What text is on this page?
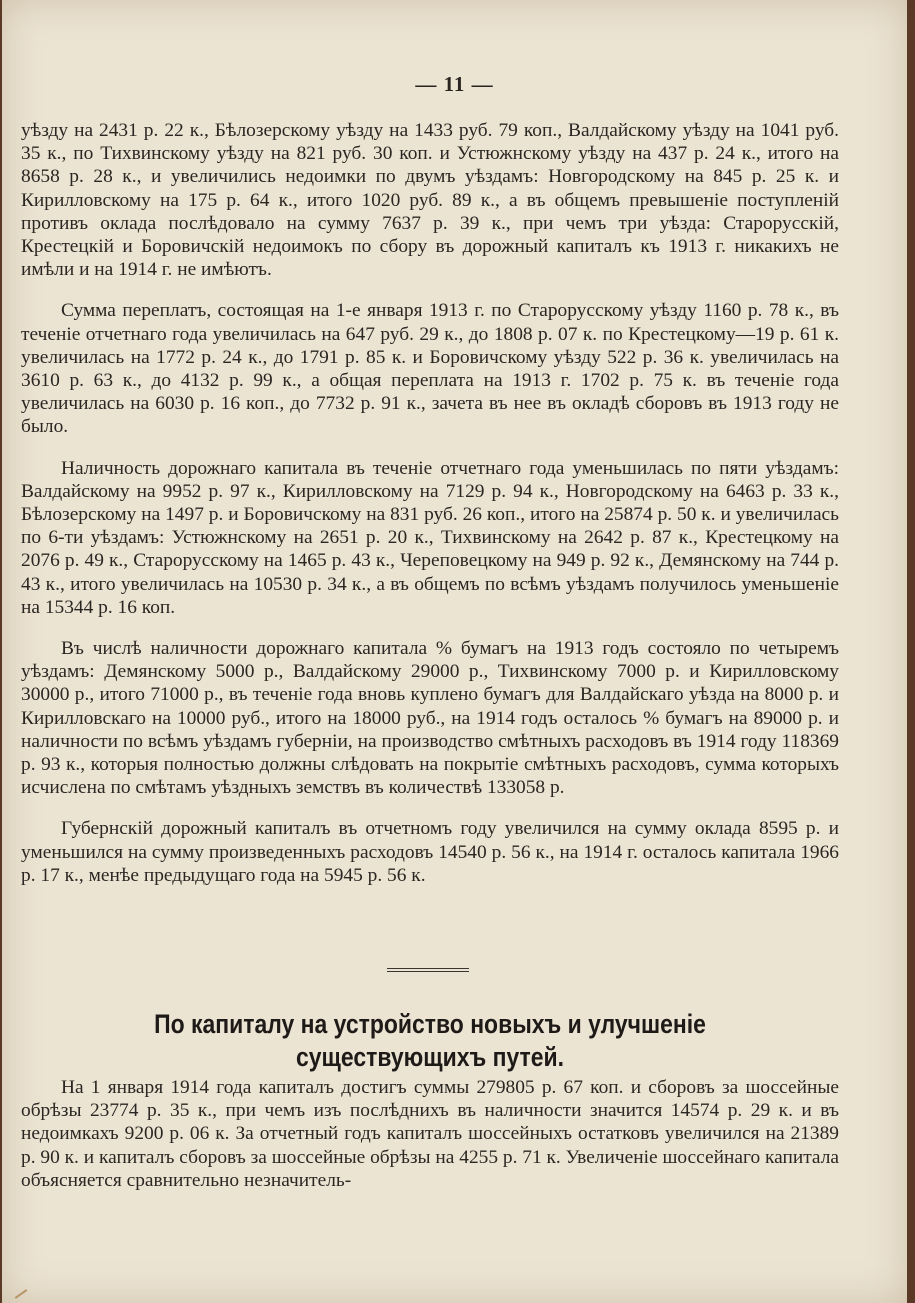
— 11 —

уѣзду на 2431 р. 22 к., Бѣлозерскому уѣзду на 1433 руб. 79 коп., Валдайскому уѣзду на 1041 руб. 35 к., по Тихвинскому уѣзду на 821 руб. 30 коп. и Устюжнскому уѣзду на 437 р. 24 к., итого на 8658 р. 28 к., и увеличились недоимки по двумъ уѣздамъ: Новгородскому на 845 р. 25 к. и Кирилловскому на 175 р. 64 к., итого 1020 руб. 89 к., а въ общемъ превышеніе поступленій противъ оклада послѣдовало на сумму 7637 р. 39 к., при чемъ три уѣзда: Старорусскій, Крестецкій и Боровичскій недоимокъ по сбору въ дорожный капиталъ къ 1913 г. никакихъ не имѣли и на 1914 г. не имѣютъ.

Сумма переплатъ, состоящая на 1-е января 1913 г. по Старорусскому уѣзду 1160 р. 78 к., въ теченіе отчетнаго года увеличилась на 647 руб. 29 к., до 1808 р. 07 к. по Крестецкому—19 р. 61 к. увеличилась на 1772 р. 24 к., до 1791 р. 85 к. и Боровичскому уѣзду 522 р. 36 к. увеличилась на 3610 р. 63 к., до 4132 р. 99 к., а общая переплата на 1913 г. 1702 р. 75 к. въ теченіе года увеличилась на 6030 р. 16 коп., до 7732 р. 91 к., зачета въ нее въ окладѣ сборовъ въ 1913 году не было.

Наличность дорожнаго капитала въ теченіе отчетнаго года уменьшилась по пяти уѣздамъ: Валдайскому на 9952 р. 97 к., Кирилловскому на 7129 р. 94 к., Новгородскому на 6463 р. 33 к., Бѣлозерскому на 1497 р. и Боровичскому на 831 руб. 26 коп., итого на 25874 р. 50 к. и увеличилась по 6-ти уѣздамъ: Устюжнскому на 2651 р. 20 к., Тихвинскому на 2642 р. 87 к., Крестецкому на 2076 р. 49 к., Старорусскому на 1465 р. 43 к., Череповецкому на 949 р. 92 к., Демянскому на 744 р. 43 к., итого увеличилась на 10530 р. 34 к., а въ общемъ по всѣмъ уѣздамъ получилось уменьшеніе на 15344 р. 16 коп.

Въ числѣ наличности дорожнаго капитала % бумагъ на 1913 годъ состояло по четыремъ уѣздамъ: Демянскому 5000 р., Валдайскому 29000 р., Тихвинскому 7000 р. и Кирилловскому 30000 р., итого 71000 р., въ теченіе года вновь куплено бумагъ для Валдайскаго уѣзда на 8000 р. и Кирилловскаго на 10000 руб., итого на 18000 руб., на 1914 годъ осталось % бумагъ на 89000 р. и наличности по всѣмъ уѣздамъ губерніи, на производство смѣтныхъ расходовъ въ 1914 году 118369 р. 93 к., которыя полностью должны слѣдовать на покрытіе смѣтныхъ расходовъ, сумма которыхъ исчислена по смѣтамъ уѣздныхъ земствъ въ количествѣ 133058 р.

Губернскій дорожный капиталъ въ отчетномъ году увеличился на сумму оклада 8595 р. и уменьшился на сумму произведенныхъ расходовъ 14540 р. 56 к., на 1914 г. осталось капитала 1966 р. 17 к., менѣе предыдущаго года на 5945 р. 56 к.

По капиталу на устройство новыхъ и улучшеніе существующихъ путей.

На 1 января 1914 года капиталъ достигъ суммы 279805 р. 67 коп. и сборовъ за шоссейные обрѣзы 23774 р. 35 к., при чемъ изъ послѣднихъ въ наличности значится 14574 р. 29 к. и въ недоимкахъ 9200 р. 06 к. За отчетный годъ капиталъ шоссейныхъ остатковъ увеличился на 21389 р. 90 к. и капиталъ сборовъ за шоссейные обрѣзы на 4255 р. 71 к. Увеличеніе шоссейнаго капитала объясняется сравнительно незначитель-
